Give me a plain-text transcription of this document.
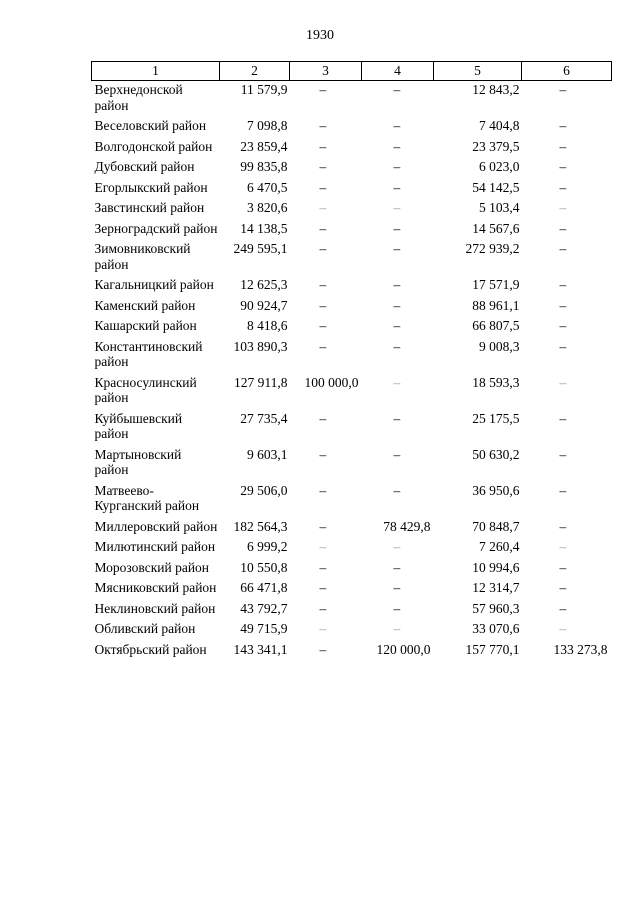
1930
1	2	3	4	5	6
Верхнедонской район	11 579,9	–	–	12 843,2	–
Веселовский район	7 098,8	–	–	7 404,8	–
Волгодонской район	23 859,4	–	–	23 379,5	–
Дубовский район	99 835,8	–	–	6 023,0	–
Егорлыкский район	6 470,5	–	–	54 142,5	–
Завстинский район	3 820,6	–	–	5 103,4	–
Зерноградский район	14 138,5	–	–	14 567,6	–
Зимовниковский район	249 595,1	–	–	272 939,2	–
Кагальницкий район	12 625,3	–	–	17 571,9	–
Каменский район	90 924,7	–	–	88 961,1	–
Кашарский район	8 418,6	–	–	66 807,5	–
Константиновский район	103 890,3	–	–	9 008,3	–
Красносулинский район	127 911,8	100 000,0	–	18 593,3	–
Куйбышевский район	27 735,4	–	–	25 175,5	–
Мартыновский район	9 603,1	–	–	50 630,2	–
Матвеево-Курганский район	29 506,0	–	–	36 950,6	–
Миллеровский район	182 564,3	–	78 429,8	70 848,7	–
Милютинский район	6 999,2	–	–	7 260,4	–
Морозовский район	10 550,8	–	–	10 994,6	–
Мясниковский район	66 471,8	–	–	12 314,7	–
Неклиновский район	43 792,7	–	–	57 960,3	–
Обливский район	49 715,9	–	–	33 070,6	–
Октябрьский район	143 341,1	–	120 000,0	157 770,1	133 273,8
